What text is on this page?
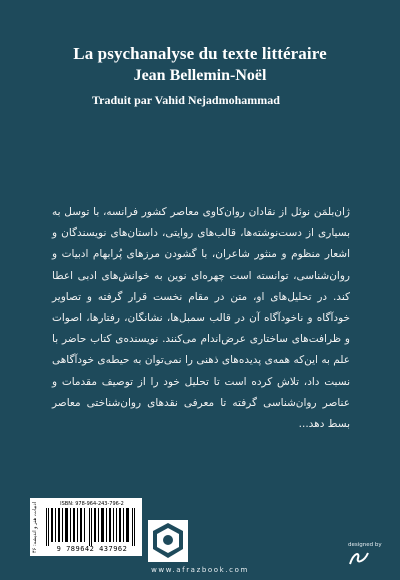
La psychanalyse du texte littéraire
Jean Bellemin-Noël
Traduit par Vahid Nejadmohammad

ژان‌بلمَن نوئل از نقادان روان‌کاوی معاصر کشور فرانسه، با توسل به بسیاری از دست‌نوشته‌ها، قالب‌های روایتی، داستان‌های نویسندگان و اشعار منظوم و منثور شاعران، با گشودن مرزهای پُرابهام ادبیات و روان‌شناسی، توانسته است چهره‌ای نوین به خوانش‌های ادبی اعطا کند. در تحلیل‌های او، متن در مقام نخست قرار گرفته و تصاویر خودآگاه و ناخودآگاه آن در قالب سمبل‌ها، نشانگان، رفتارها، اصوات و ظرافت‌های ساختاری عرض‌اندام می‌کنند. نویسنده‌ی کتاب حاضر با علم به این‌که همه‌ی پدیده‌های ذهنی را نمی‌توان به حیطه‌ی خودآگاهی نسبت داد، تلاش کرده است تا تحلیل خود را از توصیف مقدمات و عناصر روان‌شناسی گرفته تا معرفی نقدهای روان‌شناختی معاصر بسط دهد...

ادبیات، هنر و اندیشه: ۴۶	ISBN: 978-964-243-796-2
9 789642 437962	designed by
www.afrazbook.com
